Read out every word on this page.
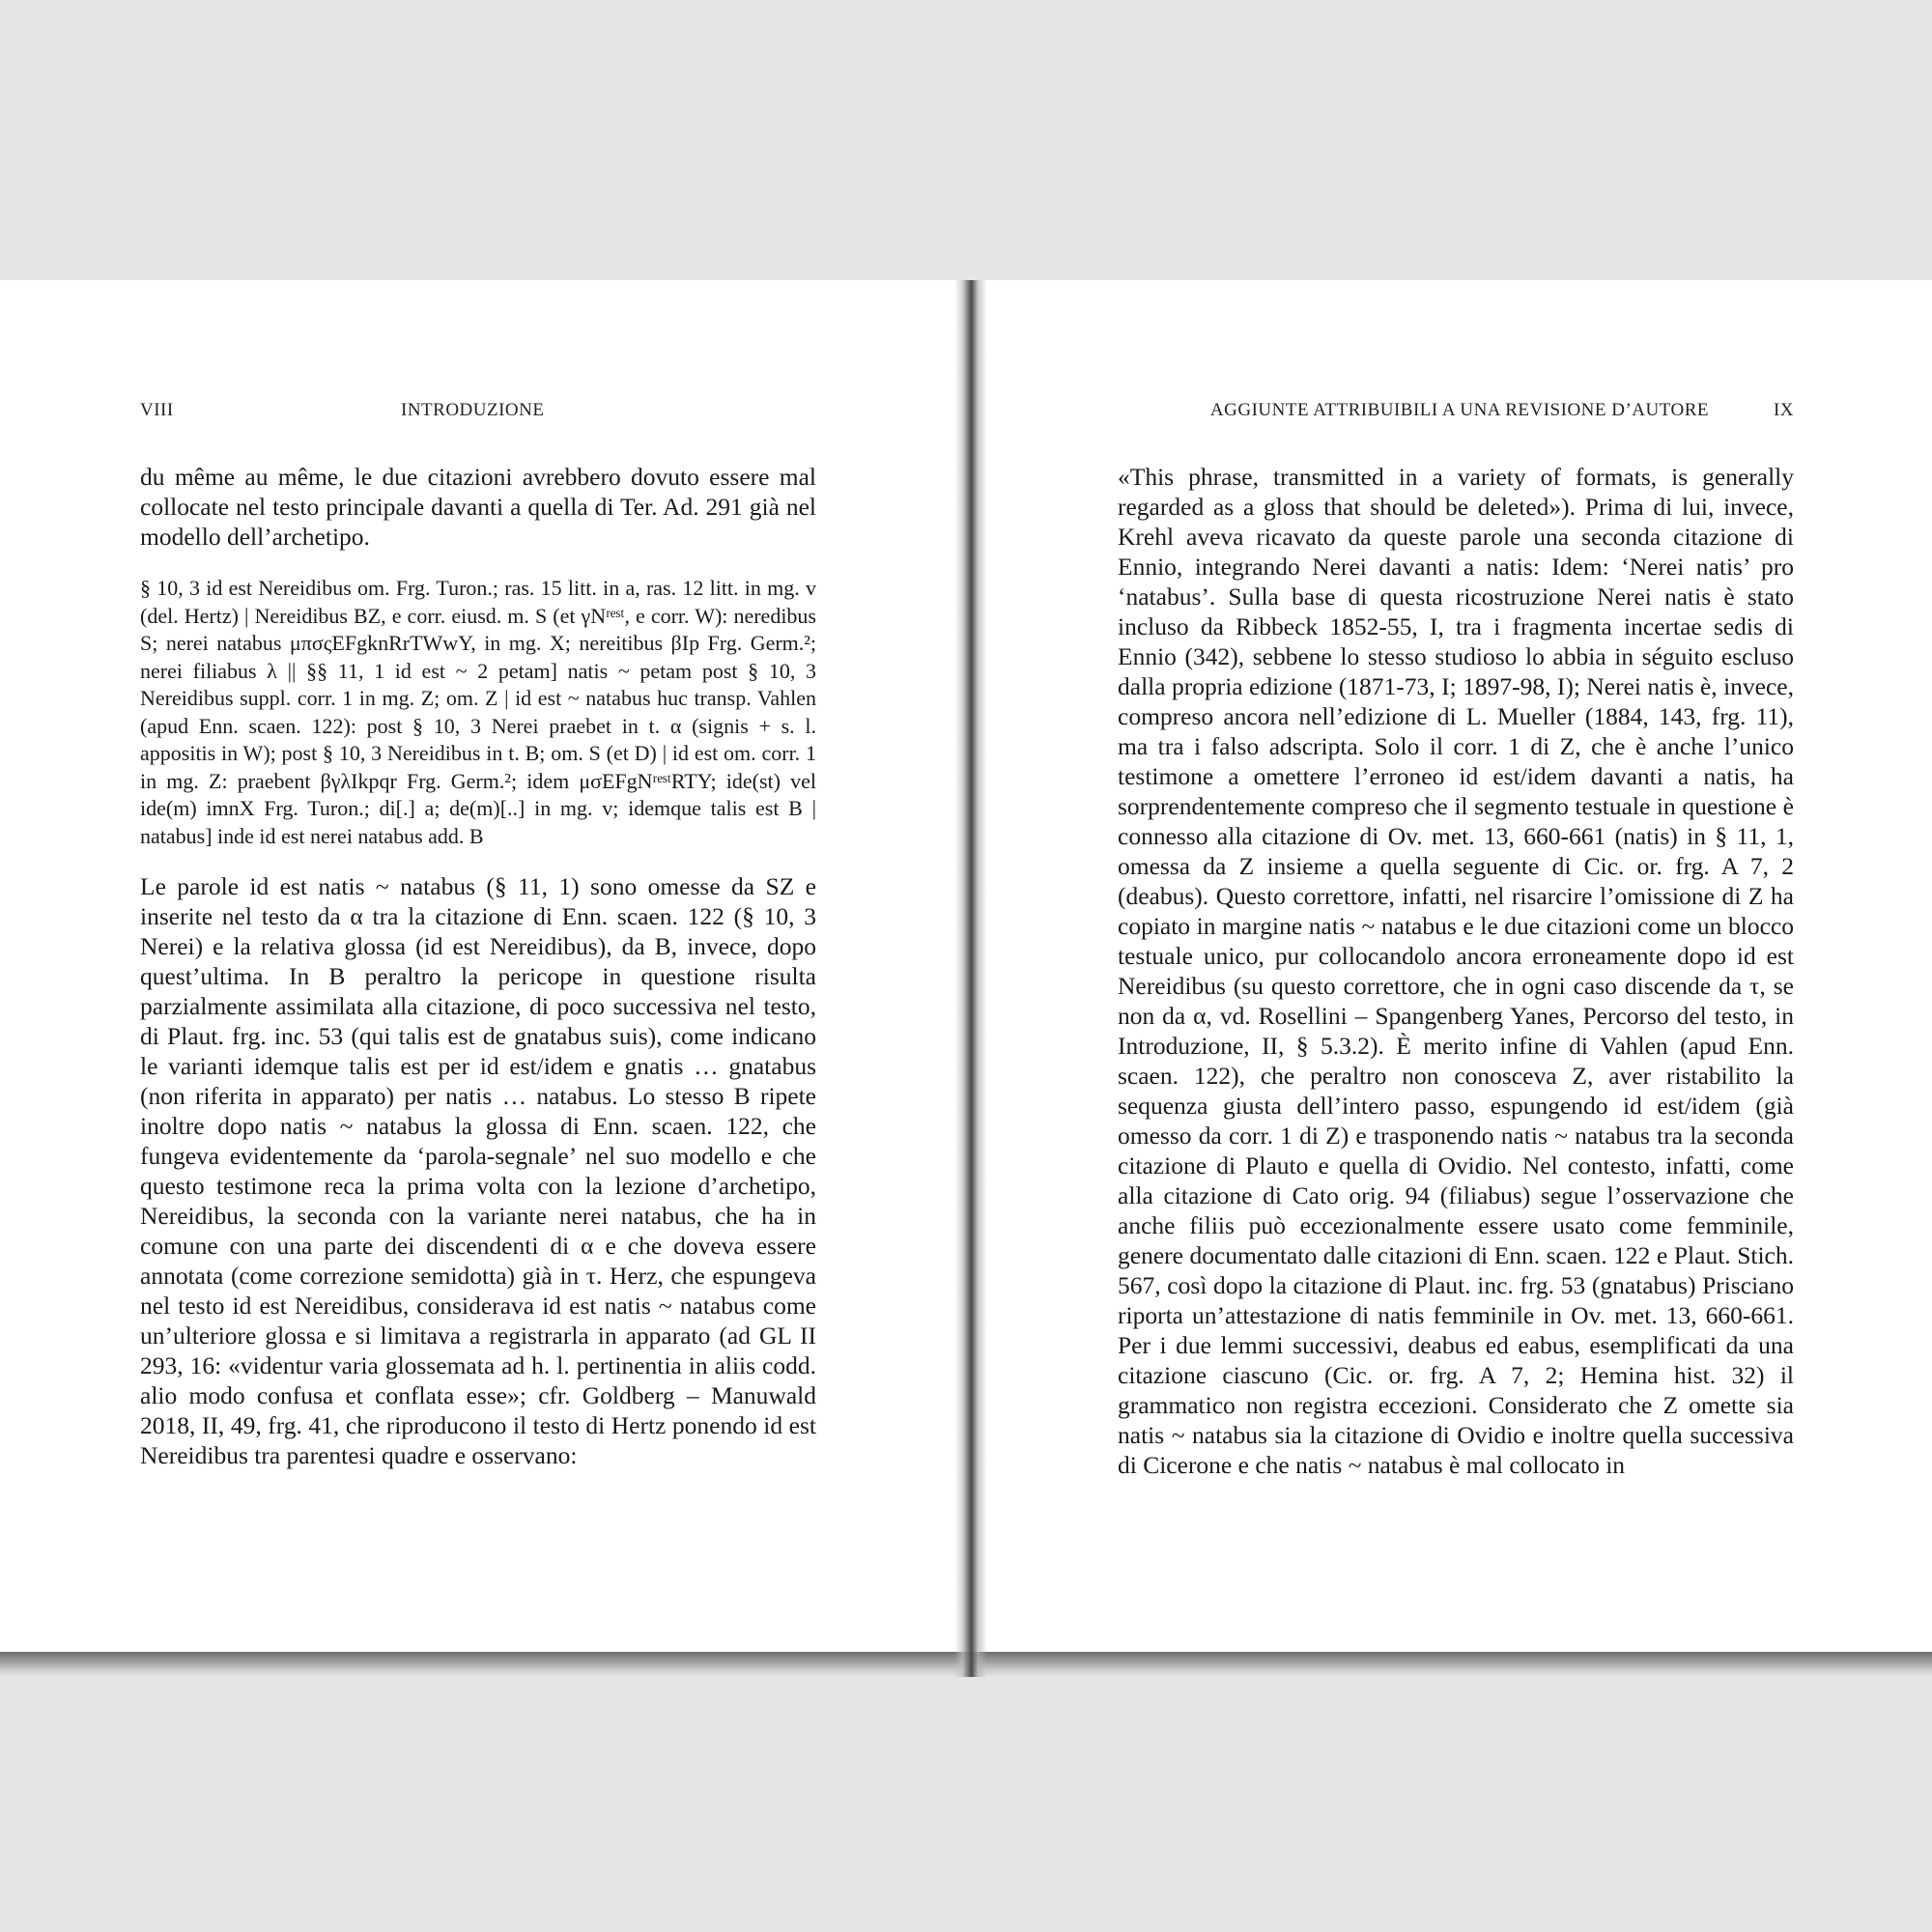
VIII	INTRODUZIONE

du même au même, le due citazioni avrebbero dovuto essere mal collocate nel testo principale davanti a quella di Ter. Ad. 291 già nel modello dell’archetipo.

§ 10, 3 id est Nereidibus om. Frg. Turon.; ras. 15 litt. in a, ras. 12 litt. in mg. v (del. Hertz) | Nereidibus BZ, e corr. eiusd. m. S (et γNʳᵉˢᵗ, e corr. W): neredibus S; nerei natabus μπσςEFgknRrTWwY, in mg. X; nereitibus βIp Frg. Germ.²; nerei filiabus λ || §§ 11, 1 id est ~ 2 petam] natis ~ petam post § 10, 3 Nereidibus suppl. corr. 1 in mg. Z; om. Z | id est ~ natabus huc transp. Vahlen (apud Enn. scaen. 122): post § 10, 3 Nerei praebet in t. α (signis + s. l. appositis in W); post § 10, 3 Nereidibus in t. B; om. S (et D) | id est om. corr. 1 in mg. Z: praebent βγλIkpqr Frg. Germ.²; idem μσEFgNʳᵉˢᵗRTY; ide(st) vel ide(m) imnX Frg. Turon.; di[.] a; de(m)[..] in mg. v; idemque talis est B | natabus] inde id est nerei natabus add. B

Le parole id est natis ~ natabus (§ 11, 1) sono omesse da SZ e inserite nel testo da α tra la citazione di Enn. scaen. 122 (§ 10, 3 Nerei) e la relativa glossa (id est Nereidibus), da B, invece, dopo quest’ultima. In B peraltro la pericope in questione risulta parzialmente assimilata alla citazione, di poco successiva nel testo, di Plaut. frg. inc. 53 (qui talis est de gnatabus suis), come indicano le varianti idemque talis est per id est/idem e gnatis … gnatabus (non riferita in apparato) per natis … natabus. Lo stesso B ripete inoltre dopo natis ~ natabus la glossa di Enn. scaen. 122, che fungeva evidentemente da ‘parola-segnale’ nel suo modello e che questo testimone reca la prima volta con la lezione d’archetipo, Nereidibus, la seconda con la variante nerei natabus, che ha in comune con una parte dei discendenti di α e che doveva essere annotata (come correzione semidotta) già in τ. Herz, che espungeva nel testo id est Nereidibus, considerava id est natis ~ natabus come un’ulteriore glossa e si limitava a registrarla in apparato (ad GL II 293, 16: «videntur varia glossemata ad h. l. pertinentia in aliis codd. alio modo confusa et conflata esse»; cfr. Goldberg – Manuwald 2018, II, 49, frg. 41, che riproducono il testo di Hertz ponendo id est Nereidibus tra parentesi quadre e osservano:

AGGIUNTE ATTRIBUIBILI A UNA REVISIONE D’AUTORE	IX

«This phrase, transmitted in a variety of formats, is generally regarded as a gloss that should be deleted»). Prima di lui, invece, Krehl aveva ricavato da queste parole una seconda citazione di Ennio, integrando Nerei davanti a natis: Idem: ‘Nerei natis’ pro ‘natabus’. Sulla base di questa ricostruzione Nerei natis è stato incluso da Ribbeck 1852-55, I, tra i fragmenta incertae sedis di Ennio (342), sebbene lo stesso studioso lo abbia in séguito escluso dalla propria edizione (1871-73, I; 1897-98, I); Nerei natis è, invece, compreso ancora nell’edizione di L. Mueller (1884, 143, frg. 11), ma tra i falso adscripta. Solo il corr. 1 di Z, che è anche l’unico testimone a omettere l’erroneo id est/idem davanti a natis, ha sorprendentemente compreso che il segmento testuale in questione è connesso alla citazione di Ov. met. 13, 660-661 (natis) in § 11, 1, omessa da Z insieme a quella seguente di Cic. or. frg. A 7, 2 (deabus). Questo correttore, infatti, nel risarcire l’omissione di Z ha copiato in margine natis ~ natabus e le due citazioni come un blocco testuale unico, pur collocandolo ancora erroneamente dopo id est Nereidibus (su questo correttore, che in ogni caso discende da τ, se non da α, vd. Rosellini – Spangenberg Yanes, Percorso del testo, in Introduzione, II, § 5.3.2). È merito infine di Vahlen (apud Enn. scaen. 122), che peraltro non conosceva Z, aver ristabilito la sequenza giusta dell’intero passo, espungendo id est/idem (già omesso da corr. 1 di Z) e trasponendo natis ~ natabus tra la seconda citazione di Plauto e quella di Ovidio. Nel contesto, infatti, come alla citazione di Cato orig. 94 (filiabus) segue l’osservazione che anche filiis può eccezionalmente essere usato come femminile, genere documentato dalle citazioni di Enn. scaen. 122 e Plaut. Stich. 567, così dopo la citazione di Plaut. inc. frg. 53 (gnatabus) Prisciano riporta un’attestazione di natis femminile in Ov. met. 13, 660-661. Per i due lemmi successivi, deabus ed eabus, esemplificati da una citazione ciascuno (Cic. or. frg. A 7, 2; Hemina hist. 32) il grammatico non registra eccezioni. Considerato che Z omette sia natis ~ natabus sia la citazione di Ovidio e inoltre quella successiva di Cicerone e che natis ~ natabus è mal collocato in
